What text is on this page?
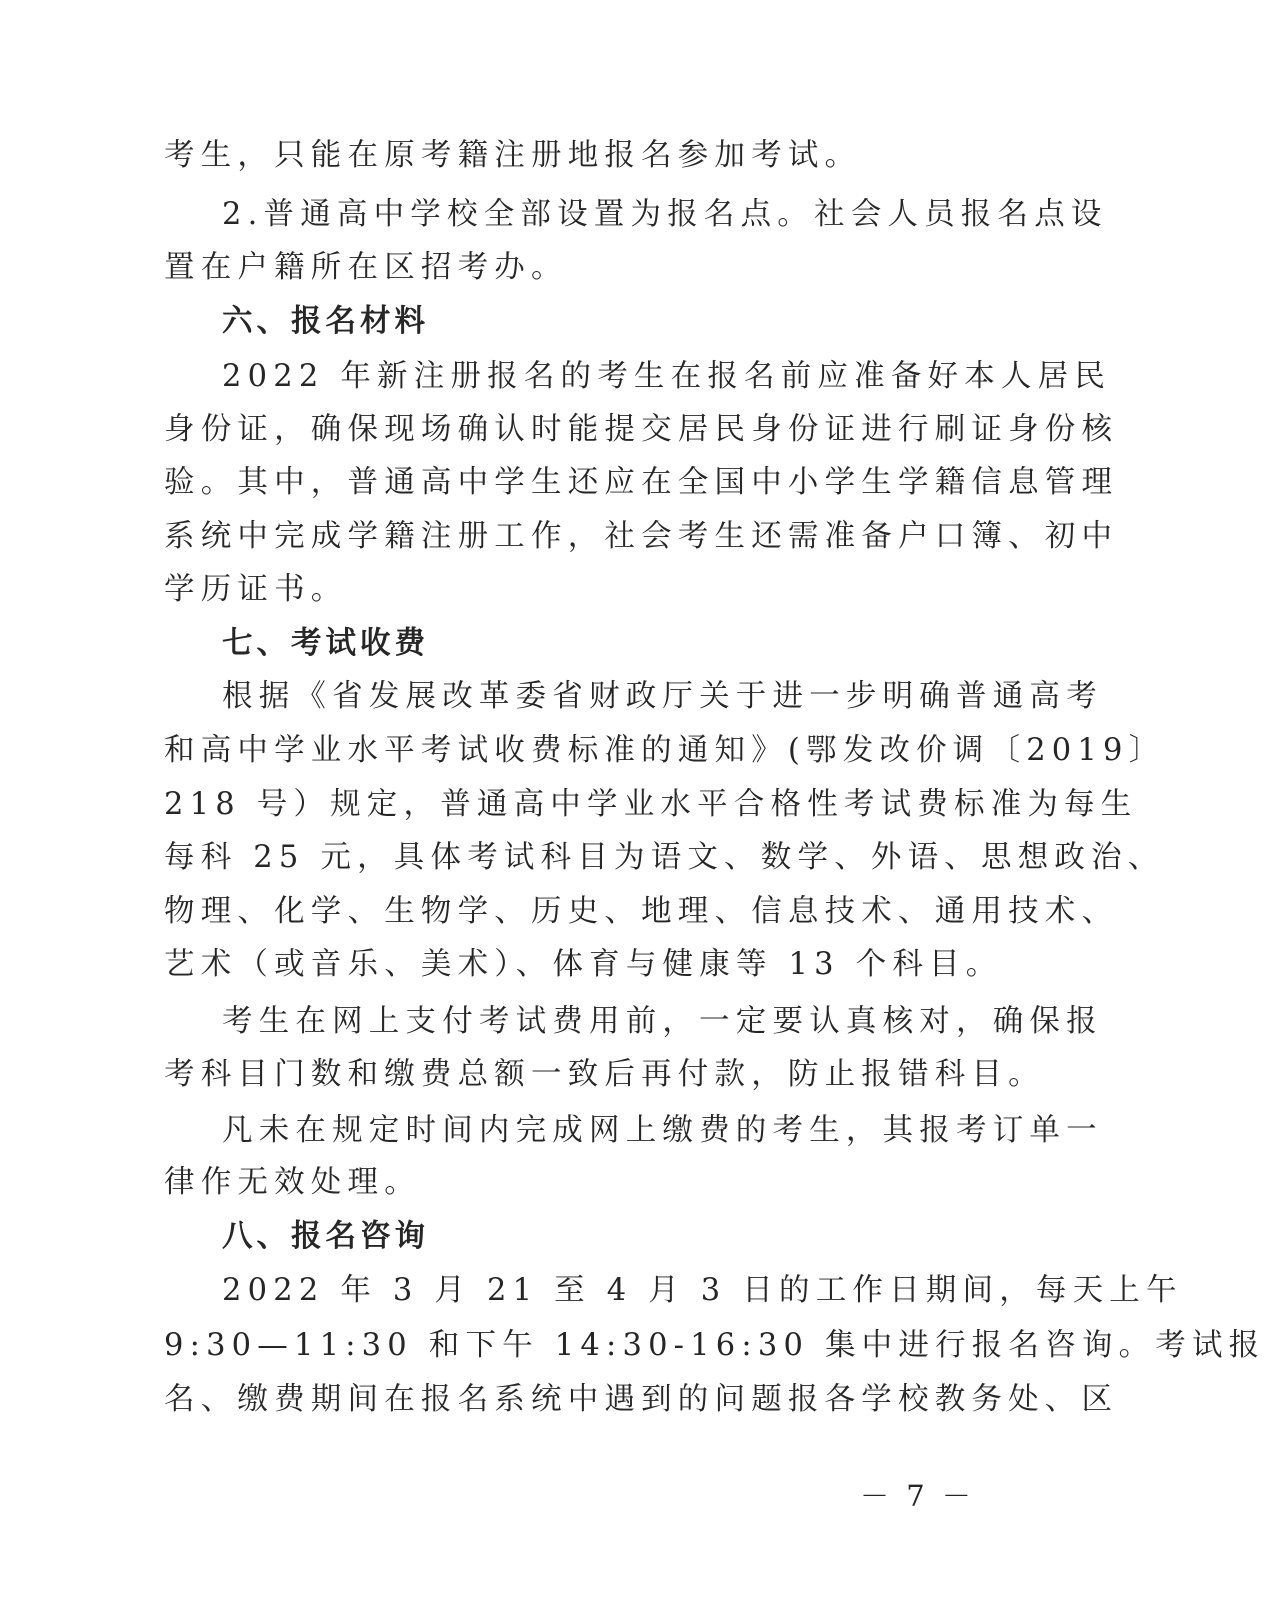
考生，只能在原考籍注册地报名参加考试。
2.普通高中学校全部设置为报名点。社会人员报名点设
置在户籍所在区招考办。
六、报名材料
2022 年新注册报名的考生在报名前应准备好本人居民
身份证，确保现场确认时能提交居民身份证进行刷证身份核
验。其中，普通高中学生还应在全国中小学生学籍信息管理
系统中完成学籍注册工作，社会考生还需准备户口簿、初中
学历证书。
七、考试收费
根据《省发展改革委省财政厅关于进一步明确普通高考
和高中学业水平考试收费标准的通知》(鄂发改价调〔2019〕
218 号）规定，普通高中学业水平合格性考试费标准为每生
每科 25 元，具体考试科目为语文、数学、外语、思想政治、
物理、化学、生物学、历史、地理、信息技术、通用技术、
艺术（或音乐、美术）、体育与健康等 13 个科目。
考生在网上支付考试费用前，一定要认真核对，确保报
考科目门数和缴费总额一致后再付款，防止报错科目。
凡未在规定时间内完成网上缴费的考生，其报考订单一
律作无效处理。
八、报名咨询
2022 年 3 月 21 至 4 月 3 日的工作日期间，每天上午
9:30—11:30 和下午 14:30-16:30 集中进行报名咨询。考试报
名、缴费期间在报名系统中遇到的问题报各学校教务处、区
－ 7 －
